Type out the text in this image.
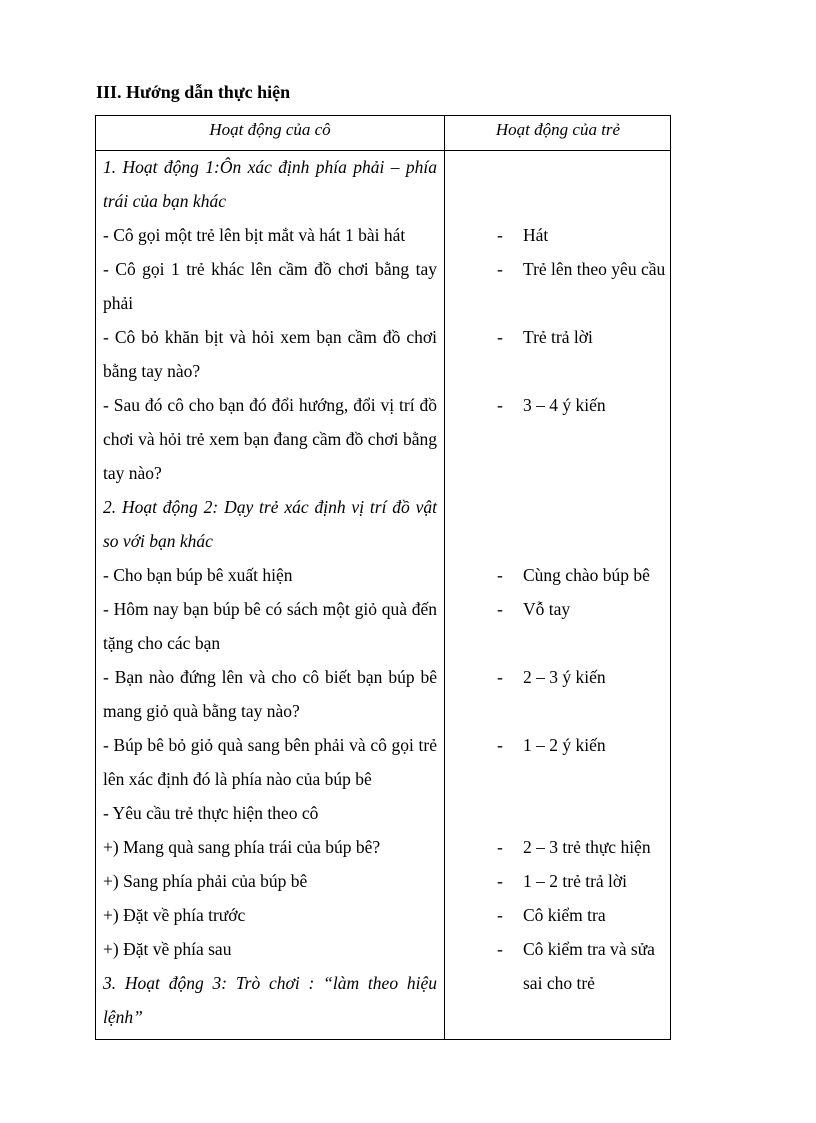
III. Hướng dẫn thực hiện
Hoạt động của cô	Hoạt động của trẻ
1. Hoạt động 1:Ôn xác định phía phải – phía trái của bạn khác
- Cô gọi một trẻ lên bịt mắt và hát 1 bài hát
- Cô gọi 1 trẻ khác lên cầm đồ chơi bằng tay phải
- Cô bỏ khăn bịt và hỏi xem bạn cầm đồ chơi bằng tay nào?
- Sau đó cô cho bạn đó đổi hướng, đổi vị trí đồ chơi và hỏi trẻ xem bạn đang cầm đồ chơi bằng tay nào?
2. Hoạt động 2: Dạy trẻ xác định vị trí đồ vật so với bạn khác
- Cho bạn búp bê xuất hiện
- Hôm nay bạn búp bê có sách một giỏ quà đến tặng cho các bạn
- Bạn nào đứng lên và cho cô biết bạn búp bê mang giỏ quà bằng tay nào?
- Búp bê bỏ giỏ quà sang bên phải và cô gọi trẻ lên xác định đó là phía nào của búp bê
- Yêu cầu trẻ thực hiện theo cô
+) Mang quà sang phía trái của búp bê?
+) Sang phía phải của búp bê
+) Đặt về phía trước
+) Đặt về phía sau
3. Hoạt động 3: Trò chơi : “làm theo hiệu lệnh”
- Hát
- Trẻ lên theo yêu cầu
- Trẻ trả lời
- 3 – 4 ý kiến
- Cùng chào búp bê
- Vỗ tay
- 2 – 3 ý kiến
- 1 – 2 ý kiến
- 2 – 3 trẻ thực hiện
- 1 – 2 trẻ trả lời
- Cô kiểm tra
- Cô kiểm tra và sửa sai cho trẻ
